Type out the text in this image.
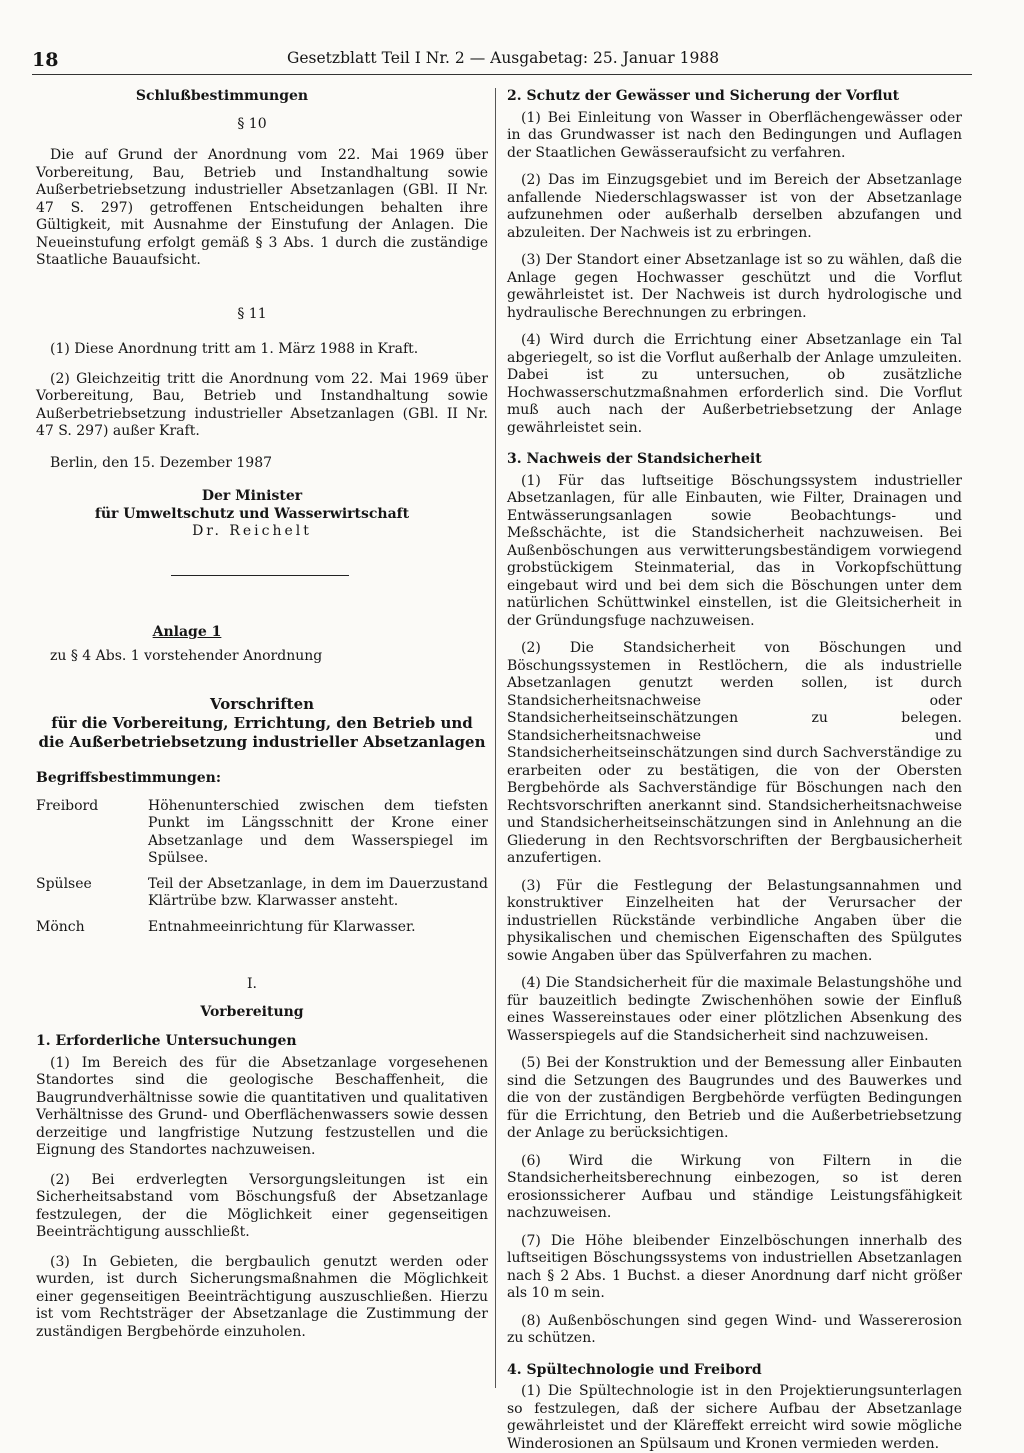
18	Gesetzblatt Teil I Nr. 2 — Ausgabetag: 25. Januar 1988

Schlußbestimmungen

§ 10

Die auf Grund der Anordnung vom 22. Mai 1969 über Vorbereitung, Bau, Betrieb und Instandhaltung sowie Außerbetriebsetzung industrieller Absetzanlagen (GBl. II Nr. 47 S. 297) getroffenen Entscheidungen behalten ihre Gültigkeit, mit Ausnahme der Einstufung der Anlagen. Die Neueinstufung erfolgt gemäß § 3 Abs. 1 durch die zuständige Staatliche Bauaufsicht.

§ 11

(1) Diese Anordnung tritt am 1. März 1988 in Kraft.

(2) Gleichzeitig tritt die Anordnung vom 22. Mai 1969 über Vorbereitung, Bau, Betrieb und Instandhaltung sowie Außerbetriebsetzung industrieller Absetzanlagen (GBl. II Nr. 47 S. 297) außer Kraft.

Berlin, den 15. Dezember 1987

Der Minister

für Umweltschutz und Wasserwirtschaft

Dr. Reichelt

Anlage 1

zu § 4 Abs. 1 vorstehender Anordnung

Vorschriften

für die Vorbereitung, Errichtung, den Betrieb und

die Außerbetriebsetzung industrieller Absetzanlagen

Begriffsbestimmungen:

Freibord	Höhenunterschied zwischen dem tiefsten Punkt im Längsschnitt der Krone einer Absetzanlage und dem Wasserspiegel im Spülsee.
Spülsee	Teil der Absetzanlage, in dem im Dauerzustand Klärtrübe bzw. Klarwasser ansteht.
Mönch	Entnahmeeinrichtung für Klarwasser.

I.

Vorbereitung

1. Erforderliche Untersuchungen

(1) Im Bereich des für die Absetzanlage vorgesehenen Standortes sind die geologische Beschaffenheit, die Baugrundverhältnisse sowie die quantitativen und qualitativen Verhältnisse des Grund- und Oberflächenwassers sowie dessen derzeitige und langfristige Nutzung festzustellen und die Eignung des Standortes nachzuweisen.

(2) Bei erdverlegten Versorgungsleitungen ist ein Sicherheitsabstand vom Böschungsfuß der Absetzanlage festzulegen, der die Möglichkeit einer gegenseitigen Beeinträchtigung ausschließt.

(3) In Gebieten, die bergbaulich genutzt werden oder wurden, ist durch Sicherungsmaßnahmen die Möglichkeit einer gegenseitigen Beeinträchtigung auszuschließen. Hierzu ist vom Rechtsträger der Absetzanlage die Zustimmung der zuständigen Bergbehörde einzuholen.

2. Schutz der Gewässer und Sicherung der Vorflut

(1) Bei Einleitung von Wasser in Oberflächengewässer oder in das Grundwasser ist nach den Bedingungen und Auflagen der Staatlichen Gewässeraufsicht zu verfahren.

(2) Das im Einzugsgebiet und im Bereich der Absetzanlage anfallende Niederschlagswasser ist von der Absetzanlage aufzunehmen oder außerhalb derselben abzufangen und abzuleiten. Der Nachweis ist zu erbringen.

(3) Der Standort einer Absetzanlage ist so zu wählen, daß die Anlage gegen Hochwasser geschützt und die Vorflut gewährleistet ist. Der Nachweis ist durch hydrologische und hydraulische Berechnungen zu erbringen.

(4) Wird durch die Errichtung einer Absetzanlage ein Tal abgeriegelt, so ist die Vorflut außerhalb der Anlage umzuleiten. Dabei ist zu untersuchen, ob zusätzliche Hochwasserschutzmaßnahmen erforderlich sind. Die Vorflut muß auch nach der Außerbetriebsetzung der Anlage gewährleistet sein.

3. Nachweis der Standsicherheit

(1) Für das luftseitige Böschungssystem industrieller Absetzanlagen, für alle Einbauten, wie Filter, Drainagen und Entwässerungsanlagen sowie Beobachtungs- und Meßschächte, ist die Standsicherheit nachzuweisen. Bei Außenböschungen aus verwitterungsbeständigem vorwiegend grobstückigem Steinmaterial, das in Vorkopfschüttung eingebaut wird und bei dem sich die Böschungen unter dem natürlichen Schüttwinkel einstellen, ist die Gleitsicherheit in der Gründungsfuge nachzuweisen.

(2) Die Standsicherheit von Böschungen und Böschungssystemen in Restlöchern, die als industrielle Absetzanlagen genutzt werden sollen, ist durch Standsicherheitsnachweise oder Standsicherheitseinschätzungen zu belegen. Standsicherheitsnachweise und Standsicherheitseinschätzungen sind durch Sachverständige zu erarbeiten oder zu bestätigen, die von der Obersten Bergbehörde als Sachverständige für Böschungen nach den Rechtsvorschriften anerkannt sind. Standsicherheitsnachweise und Standsicherheitseinschätzungen sind in Anlehnung an die Gliederung in den Rechtsvorschriften der Bergbausicherheit anzufertigen.

(3) Für die Festlegung der Belastungsannahmen und konstruktiver Einzelheiten hat der Verursacher der industriellen Rückstände verbindliche Angaben über die physikalischen und chemischen Eigenschaften des Spülgutes sowie Angaben über das Spülverfahren zu machen.

(4) Die Standsicherheit für die maximale Belastungshöhe und für bauzeitlich bedingte Zwischenhöhen sowie der Einfluß eines Wassereinstaues oder einer plötzlichen Absenkung des Wasserspiegels auf die Standsicherheit sind nachzuweisen.

(5) Bei der Konstruktion und der Bemessung aller Einbauten sind die Setzungen des Baugrundes und des Bauwerkes und die von der zuständigen Bergbehörde verfügten Bedingungen für die Errichtung, den Betrieb und die Außerbetriebsetzung der Anlage zu berücksichtigen.

(6) Wird die Wirkung von Filtern in die Standsicherheitsberechnung einbezogen, so ist deren erosionssicherer Aufbau und ständige Leistungsfähigkeit nachzuweisen.

(7) Die Höhe bleibender Einzelböschungen innerhalb des luftseitigen Böschungssystems von industriellen Absetzanlagen nach § 2 Abs. 1 Buchst. a dieser Anordnung darf nicht größer als 10 m sein.

(8) Außenböschungen sind gegen Wind- und Wassererosion zu schützen.

4. Spültechnologie und Freibord

(1) Die Spültechnologie ist in den Projektierungsunterlagen so festzulegen, daß der sichere Aufbau der Absetzanlage gewährleistet und der Kläreffekt erreicht wird sowie mögliche Winderosionen an Spülsaum und Kronen vermieden werden.
